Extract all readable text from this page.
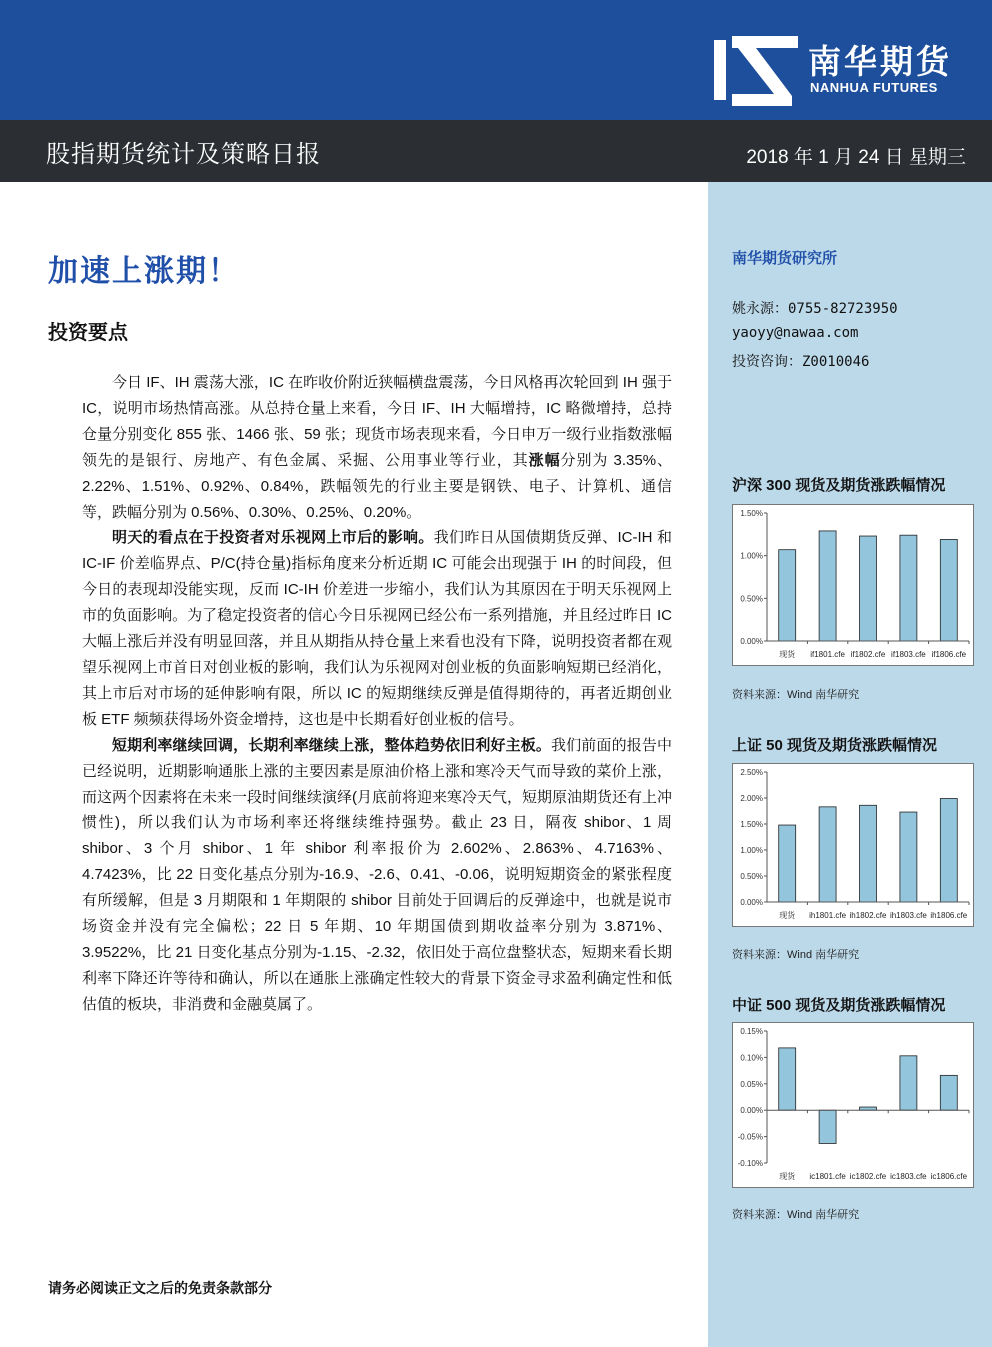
南华期货
NANHUA FUTURES
股指期货统计及策略日报	2018 年 1 月 24 日 星期三
加速上涨期！
投资要点

今日 IF、IH 震荡大涨，IC 在昨收价附近狭幅横盘震荡，今日风格再次轮回到 IH 强于 IC，说明市场热情高涨。从总持仓量上来看，今日 IF、IH 大幅增持，IC 略微增持，总持仓量分别变化 855 张、1466 张、59 张；现货市场表现来看，今日申万一级行业指数涨幅领先的是银行、房地产、有色金属、采掘、公用事业等行业，其涨幅分别为 3.35%、2.22%、1.51%、0.92%、0.84%，跌幅领先的行业主要是钢铁、电子、计算机、通信等，跌幅分别为 0.56%、0.30%、0.25%、0.20%。

明天的看点在于投资者对乐视网上市后的影响。我们昨日从国债期货反弹、IC-IH 和 IC-IF 价差临界点、P/C(持仓量)指标角度来分析近期 IC 可能会出现强于 IH 的时间段，但今日的表现却没能实现，反而 IC-IH 价差进一步缩小，我们认为其原因在于明天乐视网上市的负面影响。为了稳定投资者的信心今日乐视网已经公布一系列措施，并且经过昨日 IC 大幅上涨后并没有明显回落，并且从期指从持仓量上来看也没有下降，说明投资者都在观望乐视网上市首日对创业板的影响，我们认为乐视网对创业板的负面影响短期已经消化，其上市后对市场的延伸影响有限，所以 IC 的短期继续反弹是值得期待的，再者近期创业板 ETF 频频获得场外资金增持，这也是中长期看好创业板的信号。

短期利率继续回调，长期利率继续上涨，整体趋势依旧利好主板。我们前面的报告中已经说明，近期影响通胀上涨的主要因素是原油价格上涨和寒冷天气而导致的菜价上涨，而这两个因素将在未来一段时间继续演绎(月底前将迎来寒冷天气，短期原油期货还有上冲惯性)，所以我们认为市场利率还将继续维持强势。截止 23 日，隔夜 shibor、1 周 shibor、3 个月 shibor、1 年 shibor 利率报价为 2.602%、2.863%、4.7163%、4.7423%，比 22 日变化基点分别为-16.9、-2.6、0.41、-0.06，说明短期资金的紧张程度有所缓解，但是 3 月期限和 1 年期限的 shibor 目前处于回调后的反弹途中，也就是说市场资金并没有完全偏松；22 日 5 年期、10 年期国债到期收益率分别为 3.871%、3.9522%，比 21 日变化基点分别为-1.15、-2.32，依旧处于高位盘整状态，短期来看长期利率下降还许等待和确认，所以在通胀上涨确定性较大的背景下资金寻求盈利确定性和低估值的板块，非消费和金融莫属了。

南华期货研究所
姚永源：0755-82723950
yaoyy@nawaa.com
投资咨询：Z0010046
沪深 300 现货及期货涨跌幅情况
0.00%
0.50%
1.00%
1.50%
现货 if1801.cfe if1802.cfe if1803.cfe if1806.cfe
资料来源：Wind 南华研究
上证 50 现货及期货涨跌幅情况
0.00%
0.50%
1.00%
1.50%
2.00%
2.50%
现货 ih1801.cfe ih1802.cfe ih1803.cfe ih1806.cfe
资料来源：Wind 南华研究
中证 500 现货及期货涨跌幅情况
-0.10%
-0.05%
0.00%
0.05%
0.10%
0.15%
现货 ic1801.cfe ic1802.cfe ic1803.cfe ic1806.cfe
资料来源：Wind 南华研究
请务必阅读正文之后的免责条款部分
